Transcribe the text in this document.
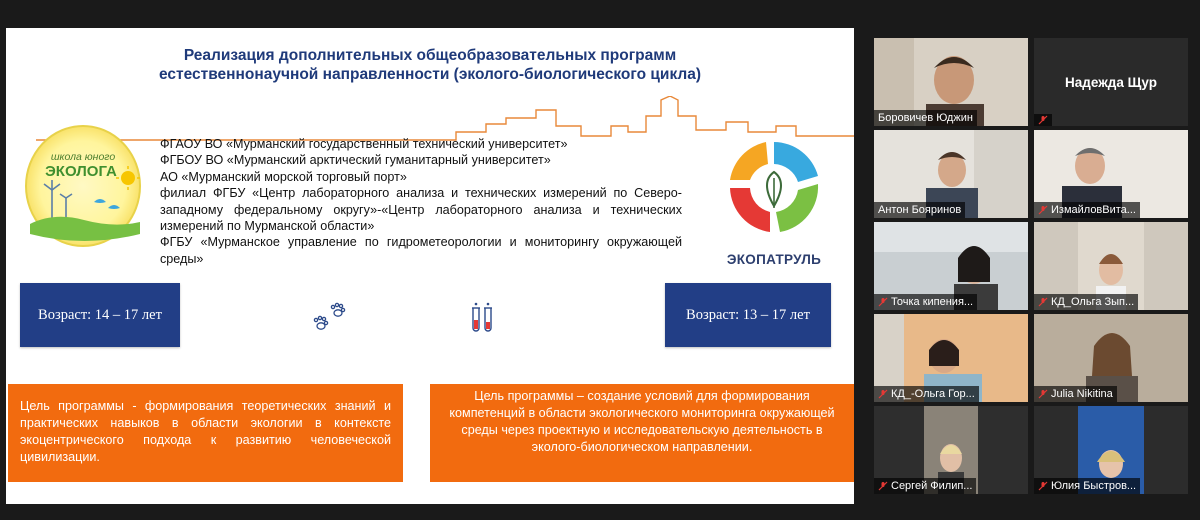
Реализация дополнительных общеобразовательных программ
естественнонаучной направленности (эколого-биологического цикла)
школа юного
ЭКОЛОГА
ЭКОПАТРУЛЬ

ФГАОУ ВО «Мурманский государственный технический университет»

ФГБОУ ВО «Мурманский арктический гуманитарный университет»

АО «Мурманский морской торговый порт»

филиал ФГБУ «Центр лабораторного анализа и технических измерений по Северо-западному федеральному округу»-«Центр лабораторного анализа и технических измерений по Мурманской области»

ФГБУ «Мурманское управление по гидрометеорологии и мониторингу окружающей среды»

Возраст: 14 – 17 лет	Возраст: 13 – 17 лет
Цель программы - формирования теоретических знаний и практических навыков в области экологии в контексте экоцентрического подхода к развитию человеческой цивилизации.
Цель программы – создание условий для формирования компетенций в области экологического мониторинга окружающей среды через проектную и исследовательскую деятельность в эколого-биологическом направлении.
Боровичев Юджин
Надежда Щур
Антон Бояринов	ИзмайловВита...
Точка кипения...	КД_Ольга Зып...
КД_-Ольга Гор...	Julia Nikitina
Сергей Филип...	Юлия Быстров...
